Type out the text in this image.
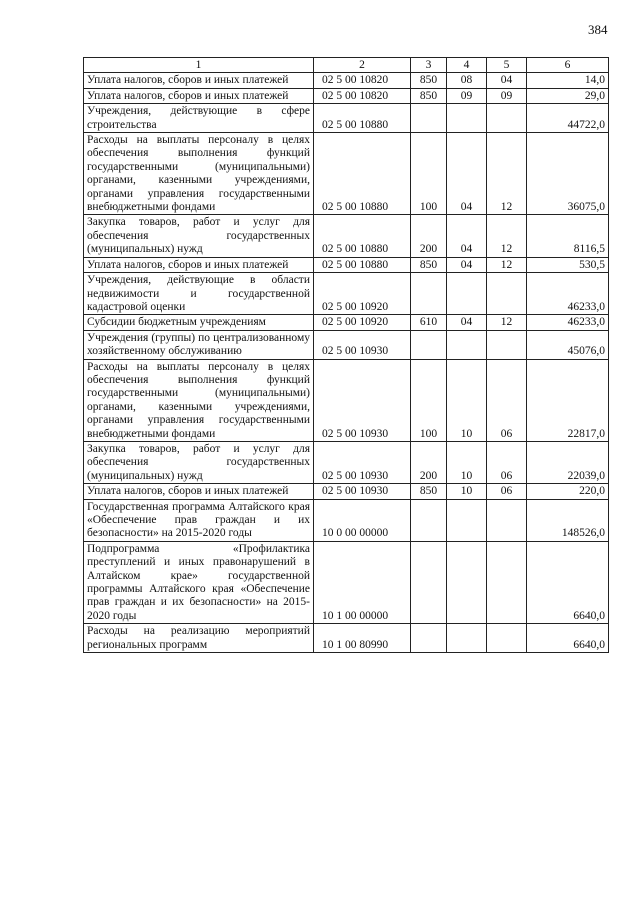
384
1	2	3	4	5	6
Уплата налогов, сборов и иных платежей	02 5 00 10820	850	08	04	14,0
Уплата налогов, сборов и иных платежей	02 5 00 10820	850	09	09	29,0
Учреждения, действующие в сфере строительства	02 5 00 10880				44722,0
Расходы на выплаты персоналу в целях обеспечения выполнения функций государственными (муниципальными) органами, казенными учреждениями, органами управления государственными внебюджетными фондами	02 5 00 10880	100	04	12	36075,0
Закупка товаров, работ и услуг для обеспечения государственных (муниципальных) нужд	02 5 00 10880	200	04	12	8116,5
Уплата налогов, сборов и иных платежей	02 5 00 10880	850	04	12	530,5
Учреждения, действующие в области недвижимости и государственной кадастровой оценки	02 5 00 10920				46233,0
Субсидии бюджетным учреждениям	02 5 00 10920	610	04	12	46233,0
Учреждения (группы) по централизованному хозяйственному обслуживанию	02 5 00 10930				45076,0
Расходы на выплаты персоналу в целях обеспечения выполнения функций государственными (муниципальными) органами, казенными учреждениями, органами управления государственными внебюджетными фондами	02 5 00 10930	100	10	06	22817,0
Закупка товаров, работ и услуг для обеспечения государственных (муниципальных) нужд	02 5 00 10930	200	10	06	22039,0
Уплата налогов, сборов и иных платежей	02 5 00 10930	850	10	06	220,0
Государственная программа Алтайского края «Обеспечение прав граждан и их безопасности» на 2015-2020 годы	10 0 00 00000				148526,0
Подпрограмма «Профилактика преступлений и иных правонарушений в Алтайском крае» государственной программы Алтайского края «Обеспечение прав граждан и их безопасности» на 2015-2020 годы	10 1 00 00000				6640,0
Расходы на реализацию мероприятий региональных программ	10 1 00 80990				6640,0
